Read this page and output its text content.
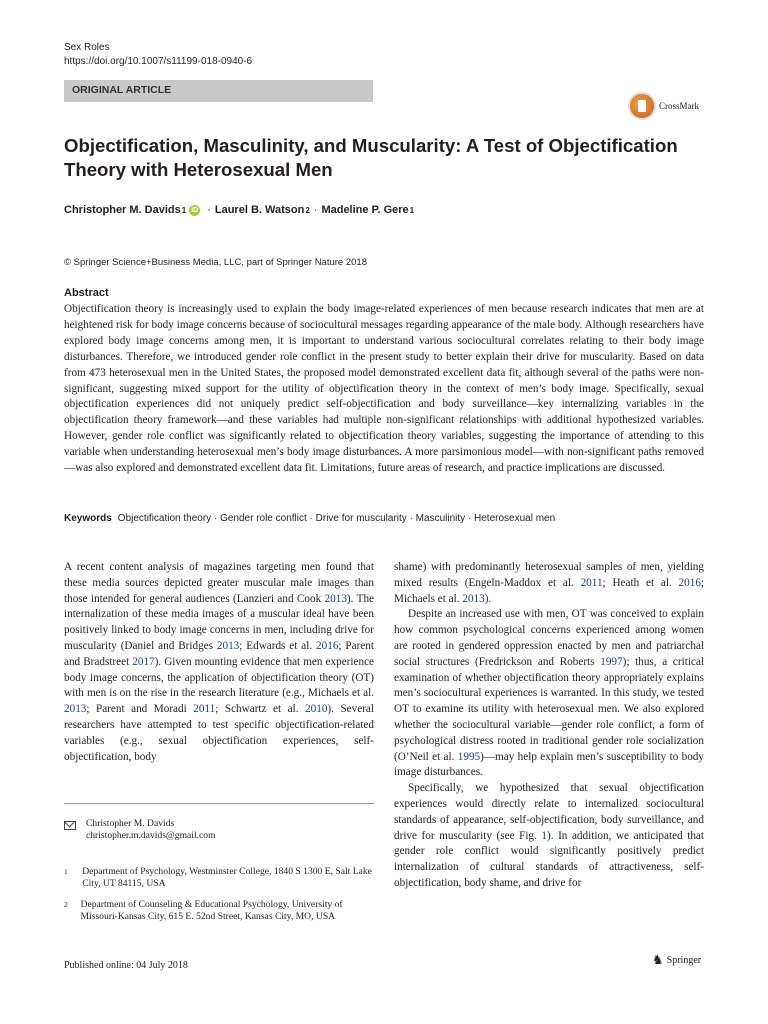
Sex Roles
https://doi.org/10.1007/s11199-018-0940-6
ORIGINAL ARTICLE
CrossMark
Objectification, Masculinity, and Muscularity: A Test of Objectification Theory with Heterosexual Men
Christopher M. Davids 1 iD · Laurel B. Watson 2 · Madeline P. Gere 1
© Springer Science+Business Media, LLC, part of Springer Nature 2018
Abstract
Objectification theory is increasingly used to explain the body image-related experiences of men because research indicates that men are at heightened risk for body image concerns because of sociocultural messages regarding appearance of the male body. Although researchers have explored body image concerns among men, it is important to understand various sociocultural correlates relating to their body image disturbances. Therefore, we introduced gender role conflict in the present study to better explain their drive for muscularity. Based on data from 473 heterosexual men in the United States, the proposed model demonstrated excellent data fit, although several of the paths were non-significant, suggesting mixed support for the utility of objectification theory in the context of men’s body image. Specifically, sexual objectification experiences did not uniquely predict self-objectification and body surveillance—key internalizing variables in the objectification theory framework—and these variables had multiple non-significant relationships with additional hypothesized variables. However, gender role conflict was significantly related to objectification theory variables, suggesting the importance of attending to this variable when understanding heterosexual men’s body image disturbances. A more parsimonious model—with non-significant paths removed—was also explored and demonstrated excellent data fit. Limitations, future areas of research, and practice implications are discussed.
Keywords Objectification theory · Gender role conflict · Drive for muscularity · Masculinity · Heterosexual men

A recent content analysis of magazines targeting men found that these media sources depicted greater muscular male images than those intended for general audiences (Lanzieri and Cook 2013). The internalization of these media images of a muscular ideal have been positively linked to body image concerns in men, including drive for muscularity (Daniel and Bridges 2013; Edwards et al. 2016; Parent and Bradstreet 2017). Given mounting evidence that men experience body image concerns, the application of objectification theory (OT) with men is on the rise in the research literature (e.g., Michaels et al. 2013; Parent and Moradi 2011; Schwartz et al. 2010). Several researchers have attempted to test specific objectification-related variables (e.g., sexual objectification experiences, self-objectification, body

shame) with predominantly heterosexual samples of men, yielding mixed results (Engeln-Maddox et al. 2011; Heath et al. 2016; Michaels et al. 2013).

Despite an increased use with men, OT was conceived to explain how common psychological concerns experienced among women are rooted in gendered oppression enacted by men and patriarchal social structures (Fredrickson and Roberts 1997); thus, a critical examination of whether objectification theory appropriately explains men’s sociocultural experiences is warranted. In this study, we tested OT to examine its utility with heterosexual men. We also explored whether the sociocultural variable—gender role conflict, a form of psychological distress rooted in traditional gender role socialization (O’Neil et al. 1995)—may help explain men’s susceptibility to body image disturbances.

Specifically, we hypothesized that sexual objectification experiences would directly relate to internalized sociocultural standards of appearance, self-objectification, body surveillance, and drive for muscularity (see Fig. 1). In addition, we anticipated that gender role conflict would significantly positively predict internalization of cultural standards of attractiveness, self-objectification, body shame, and drive for

Christopher M. Davids
christopher.m.davids@gmail.com
1 Department of Psychology, Westminster College, 1840 S 1300 E, Salt Lake City, UT 84115, USA
2 Department of Counseling & Educational Psychology, University of Missouri-Kansas City, 615 E. 52nd Street, Kansas City, MO, USA
Published online: 04 July 2018	♞ Springer
